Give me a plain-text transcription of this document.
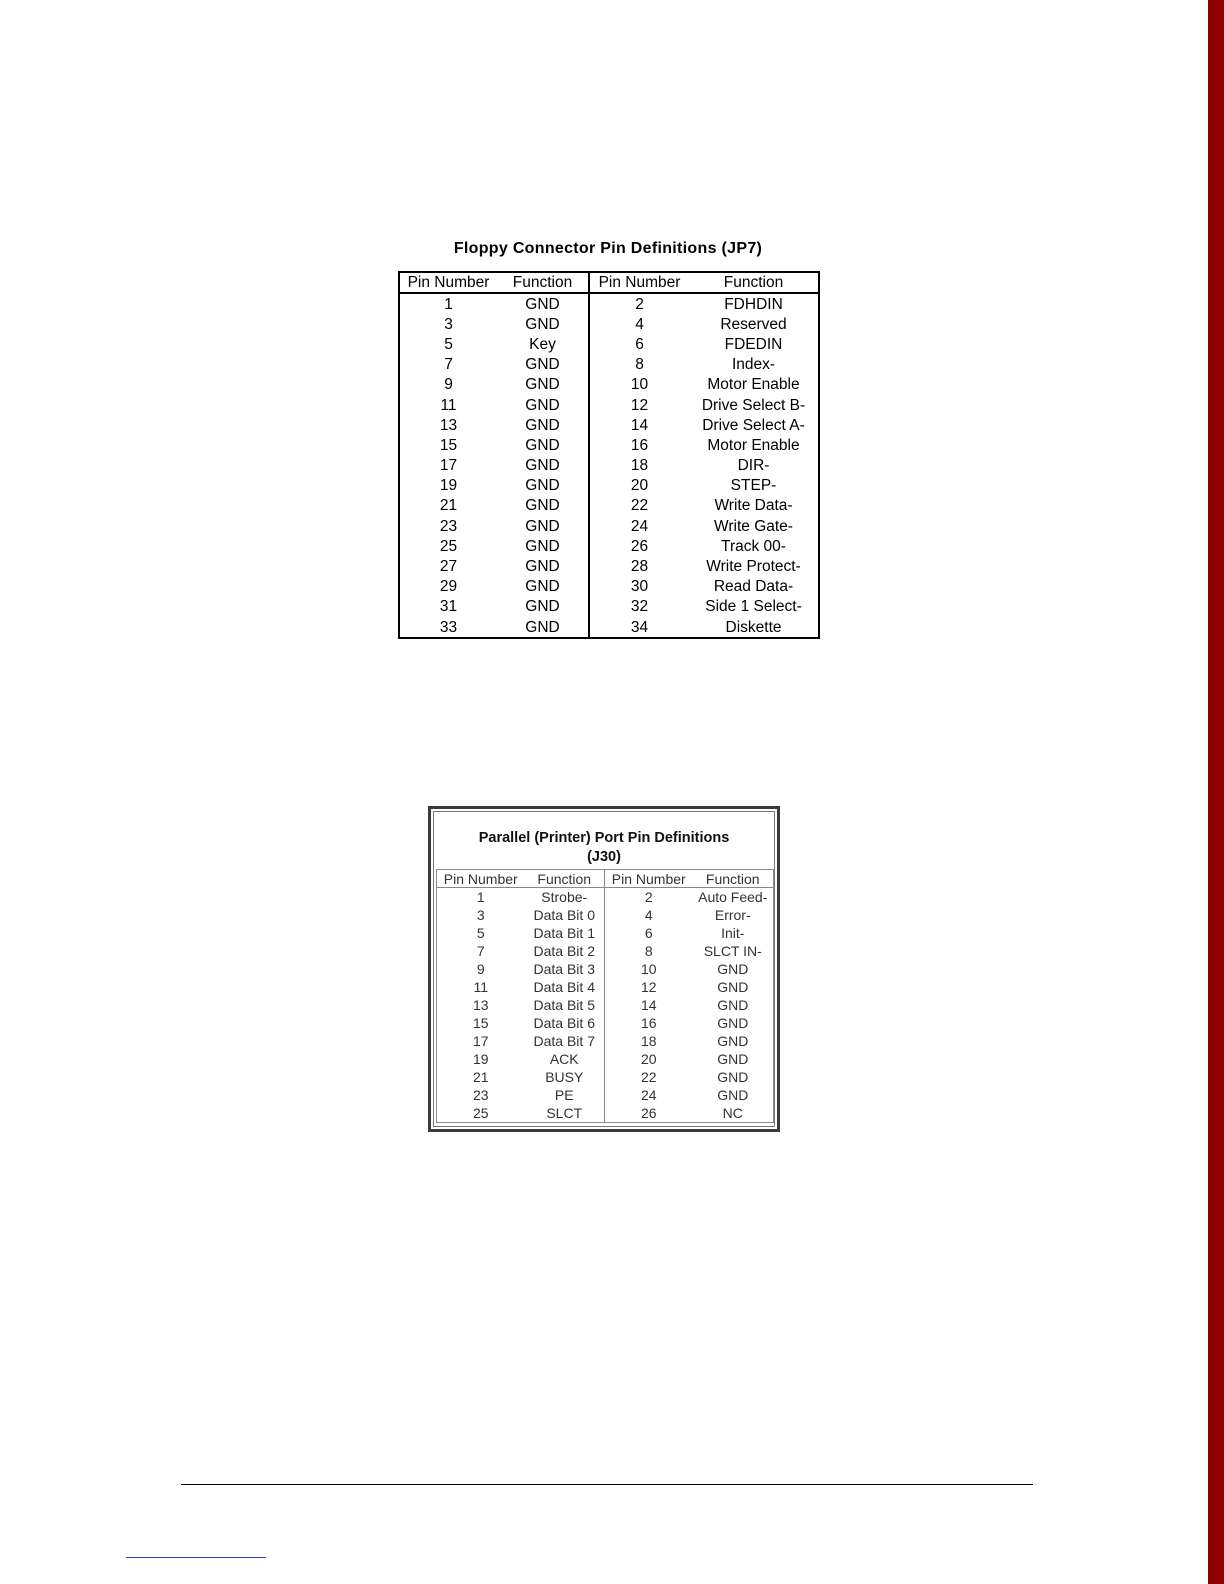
Floppy Connector Pin Definitions (JP7)
Pin Number	Function	Pin Number	Function
1	GND	2	FDHDIN
3	GND	4	Reserved
5	Key	6	FDEDIN
7	GND	8	Index-
9	GND	10	Motor Enable
11	GND	12	Drive Select B-
13	GND	14	Drive Select A-
15	GND	16	Motor Enable
17	GND	18	DIR-
19	GND	20	STEP-
21	GND	22	Write Data-
23	GND	24	Write Gate-
25	GND	26	Track 00-
27	GND	28	Write Protect-
29	GND	30	Read Data-
31	GND	32	Side 1 Select-
33	GND	34	Diskette
Parallel (Printer) Port Pin Definitions
(J30)
Pin Number	Function	Pin Number	Function
1	Strobe-	2	Auto Feed-
3	Data Bit 0	4	Error-
5	Data Bit 1	6	Init-
7	Data Bit 2	8	SLCT IN-
9	Data Bit 3	10	GND
11	Data Bit 4	12	GND
13	Data Bit 5	14	GND
15	Data Bit 6	16	GND
17	Data Bit 7	18	GND
19	ACK	20	GND
21	BUSY	22	GND
23	PE	24	GND
25	SLCT	26	NC
